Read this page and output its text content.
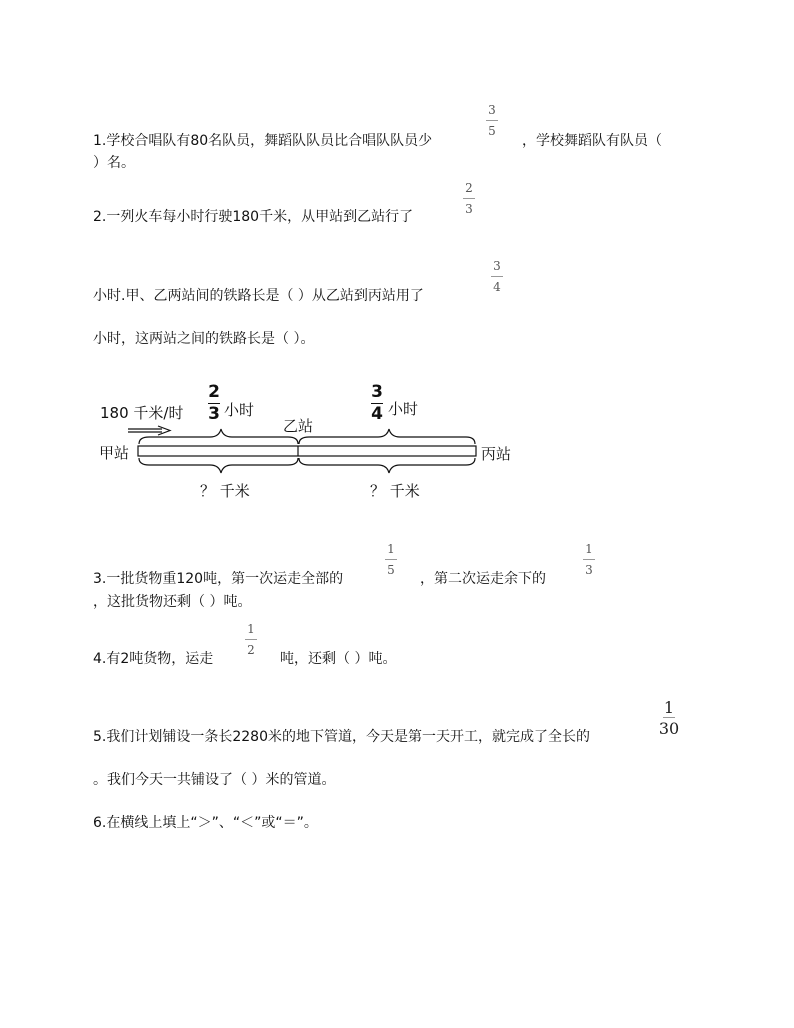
1.学校合唱队有80名队员，舞蹈队队员比合唱队队员少
3
5
，学校舞蹈队有队员（
）名。
2.一列火车每小时行驶180千米，从甲站到乙站行了
2
3
小时.甲、乙两站间的铁路长是（ ）从乙站到丙站用了
3
4
小时，这两站之间的铁路长是（ ）。
180 千米/时
2
3 小时
乙站
3
4 小时
甲站	丙站
？ 千米	？ 千米
3.一批货物重120吨，第一次运走全部的
1
5
，第二次运走余下的
1
3
，这批货物还剩（ ）吨。
4.有2吨货物，运走
1
2
吨，还剩（ ）吨。
5.我们计划铺设一条长2280米的地下管道，今天是第一天开工，就完成了全长的
1
30
。我们今天一共铺设了（ ）米的管道。
6.在横线上填上“＞”、“＜”或“＝”。
